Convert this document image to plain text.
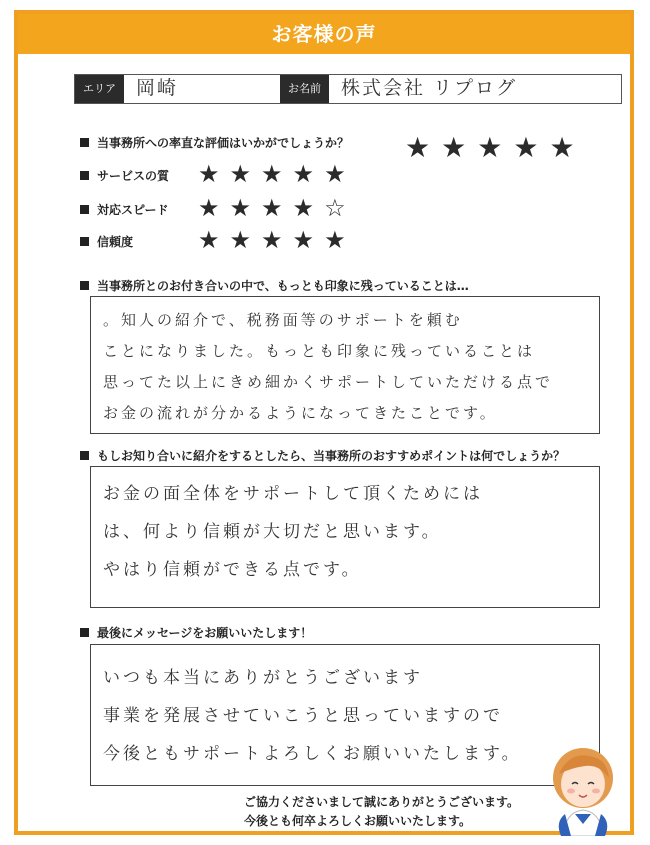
お客様の声
エリア	岡崎	お名前	株式会社 リプログ
当事務所への率直な評価はいかがでしょうか？ ★ ★ ★ ★ ★
サービスの質 ★ ★ ★ ★ ★
対応スピード ★ ★ ★ ★ ☆
信頼度	★ ★ ★ ★ ★
当事務所とのお付き合いの中で、もっとも印象に残っていることは…
。知人の紹介で、税務面等のサポートを頼む
ことになりました。もっとも印象に残っていることは
思ってた以上にきめ細かくサポートしていただける点で
お金の流れが分かるようになってきたことです。
もしお知り合いに紹介をするとしたら、当事務所のおすすめポイントは何でしょうか？
お金の面全体をサポートして頂くためには
は、何より信頼が大切だと思います。
やはり信頼ができる点です。
最後にメッセージをお願いいたします！
いつも本当にありがとうございます
事業を発展させていこうと思っていますので
今後ともサポートよろしくお願いいたします。
ご協力くださいまして誠にありがとうございます。
今後とも何卒よろしくお願いいたします。
